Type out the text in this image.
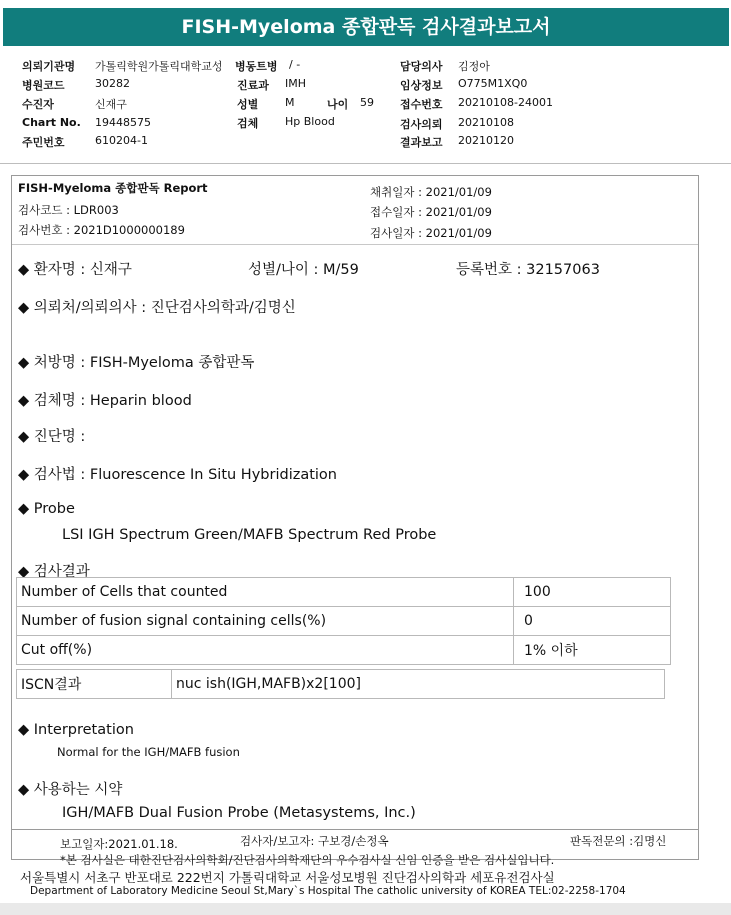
FISH-Myeloma 종합판독 검사결과보고서
의뢰기관명 가톨릭학원가톨릭대학교성 병동트병 / -	담당의사 김정아
병원코드	30282	진료과 IMH	임상정보 O775M1XQ0
수진자	신재구	성별 M	나이 59 접수번호 20210108-24001
Chart No. 19448575	검체 Hp Blood	검사의뢰 20210108
주민번호	610204-1	결과보고 20210120
FISH-Myeloma 종합판독 Report
검사코드 : LDR003
검사번호 : 2021D1000000189
채취일자 : 2021/01/09
접수일자 : 2021/01/09
검사일자 : 2021/01/09
◆ 환자명 : 신재구	성별/나이 : M/59	등록번호 : 32157063
◆ 의뢰처/의뢰의사 : 진단검사의학과/김명신
◆ 처방명 : FISH-Myeloma 종합판독
◆ 검체명 : Heparin blood
◆ 진단명 :
◆ 검사법 : Fluorescence In Situ Hybridization
◆ Probe
LSI IGH Spectrum Green/MAFB Spectrum Red Probe
◆ 검사결과
Number of Cells that counted	100
Number of fusion signal containing cells(%)	0
Cut off(%)	1% 이하
ISCN결과	nuc ish(IGH,MAFB)x2[100]
◆ Interpretation
Normal for the IGH/MAFB fusion
◆ 사용하는 시약
IGH/MAFB Dual Fusion Probe (Metasystems, Inc.)
보고일자:2021.01.18.	검사자/보고자: 구보경/손정옥	판독전문의 :김명신
*본 검사실은 대한진단검사의학회/진단검사의학재단의 우수검사실 신임 인증을 받은 검사실입니다.
서울특별시 서초구 반포대로 222번지 가톨릭대학교 서울성모병원 진단검사의학과 세포유전검사실
Department of Laboratory Medicine Seoul St,Mary`s Hospital The catholic university of KOREA TEL:02-2258-1704
